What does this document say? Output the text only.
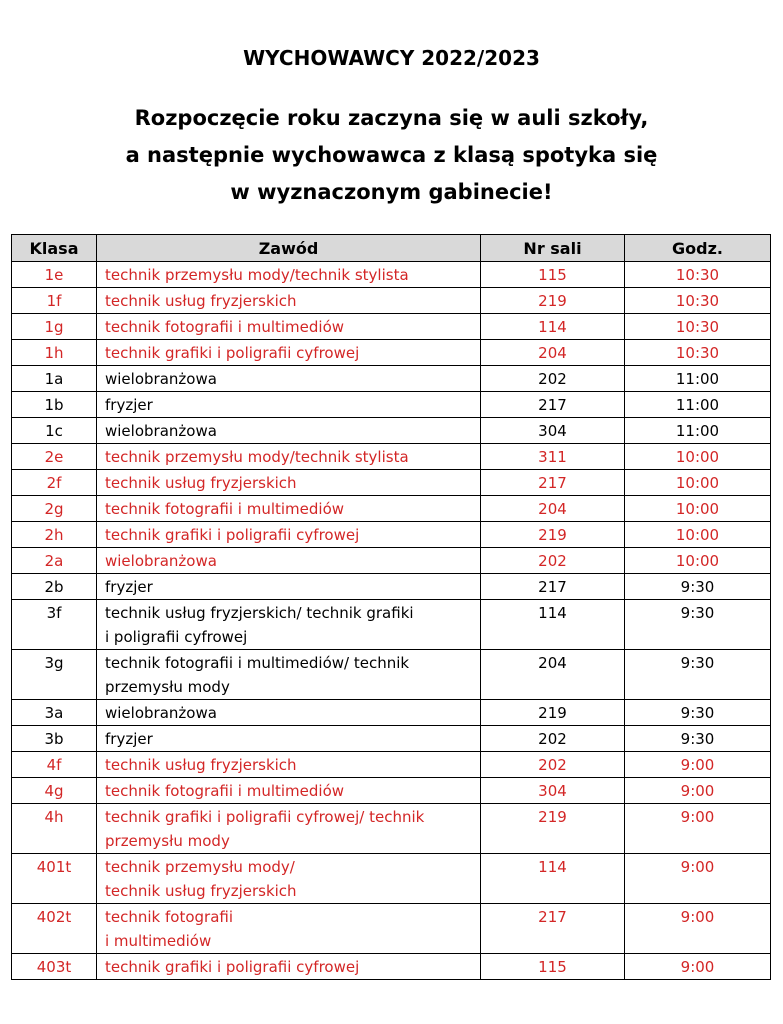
WYCHOWAWCY 2022/2023
Rozpoczęcie roku zaczyna się w auli szkoły,
a następnie wychowawca z klasą spotyka się
w wyznaczonym gabinecie!
Klasa	Zawód	Nr sali	Godz.
1e	technik przemysłu mody/technik stylista	115	10:30
1f	technik usług fryzjerskich	219	10:30
1g	technik fotografii i multimediów	114	10:30
1h	technik grafiki i poligrafii cyfrowej	204	10:30
1a	wielobranżowa	202	11:00
1b	fryzjer	217	11:00
1c	wielobranżowa	304	11:00
2e	technik przemysłu mody/technik stylista	311	10:00
2f	technik usług fryzjerskich	217	10:00
2g	technik fotografii i multimediów	204	10:00
2h	technik grafiki i poligrafii cyfrowej	219	10:00
2a	wielobranżowa	202	10:00
2b	fryzjer	217	9:30
3f	technik usług fryzjerskich/ technik grafiki
i poligrafii cyfrowej	114	9:30
3g	technik fotografii i multimediów/ technik
przemysłu mody	204	9:30
3a	wielobranżowa	219	9:30
3b	fryzjer	202	9:30
4f	technik usług fryzjerskich	202	9:00
4g	technik fotografii i multimediów	304	9:00
4h	technik grafiki i poligrafii cyfrowej/ technik
przemysłu mody	219	9:00
401t	technik przemysłu mody/
technik usług fryzjerskich	114	9:00
402t	technik fotografii
i multimediów	217	9:00
403t	technik grafiki i poligrafii cyfrowej	115	9:00
